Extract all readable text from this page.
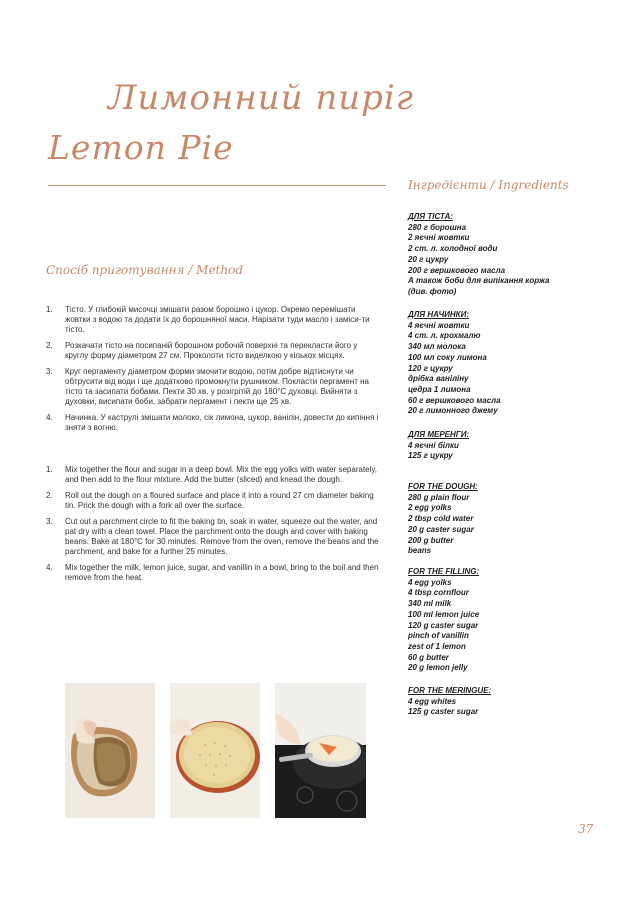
Лимонний пиріг
Lemon Pie
Інгредієнти / Ingredients
Спосіб приготування / Method
1. Тісто. У глибокій мисочці змішати разом борошно і цукор. Окремо перемішати жовтки з водою та додати їх до борошняної маси. Нарізати туди масло і заміси-ти тісто.
2. Розкачати тісто на посипаній борошном робочій поверхні та перекласти його у круглу форму діаметром 27 см. Проколоти тісто виделкою у кількох місцях.
3. Круг пергаменту діаметром форми змочити водою, потім добре відтиснути чи обтрусити від води і ще додатково промокнути рушником. Покласти пергамент на тісто та засипати бобами. Пекти 30 хв. у розігрітій до 180°С духовці. Вийняти з духовки, висипати боби, забрати пергамент і пекти ще 25 хв.
4. Начинка. У каструлі змішати молоко, сік лимона, цукор, ванілін, довести до кипіння і зняти з вогню.
1. Mix together the flour and sugar in a deep bowl. Mix the egg yolks with water separately, and then add to the flour mixture. Add the butter (sliced) and knead the dough.
2. Roll out the dough on a floured surface and place it into a round 27 cm diameter baking tin. Prick the dough with a fork all over the surface.
3. Cut out a parchment circle to fit the baking tin, soak in water, squeeze out the water, and pat dry with a clean towel. Place the parchment onto the dough and cover with baking beans. Bake at 180°C for 30 minutes. Remove from the oven, remove the beans and the parchment, and bake for a further 25 minutes.
4. Mix together the milk, lemon juice, sugar, and vanillin in a bowl, bring to the boil and then remove from the heat.
ДЛЯ ТІСТА:
280 г борошна
2 яєчні жовтки
2 ст. л. холодної води
20 г цукру
200 г вершкового масла
А також боби для випікання коржа
(див. фото)
ДЛЯ НАЧИНКИ:
4 яєчні жовтки
4 ст. л. крохмалю
340 мл молока
100 мл соку лимона
120 г цукру
дрібка ваніліну
цедра 1 лимона
60 г вершкового масла
20 г лимонного джему
ДЛЯ МЕРЕНГИ:
4 яєчні білки
125 г цукру
FOR THE DOUGH:
280 g plain flour
2 egg yolks
2 tbsp cold water
20 g caster sugar
200 g butter
beans
FOR THE FILLING:
4 egg yolks
4 tbsp cornflour
340 ml milk
100 ml lemon juice
120 g caster sugar
pinch of vanillin
zest of 1 lemon
60 g butter
20 g lemon jelly
FOR THE MERINGUE:
4 egg whites
125 g caster sugar
37
